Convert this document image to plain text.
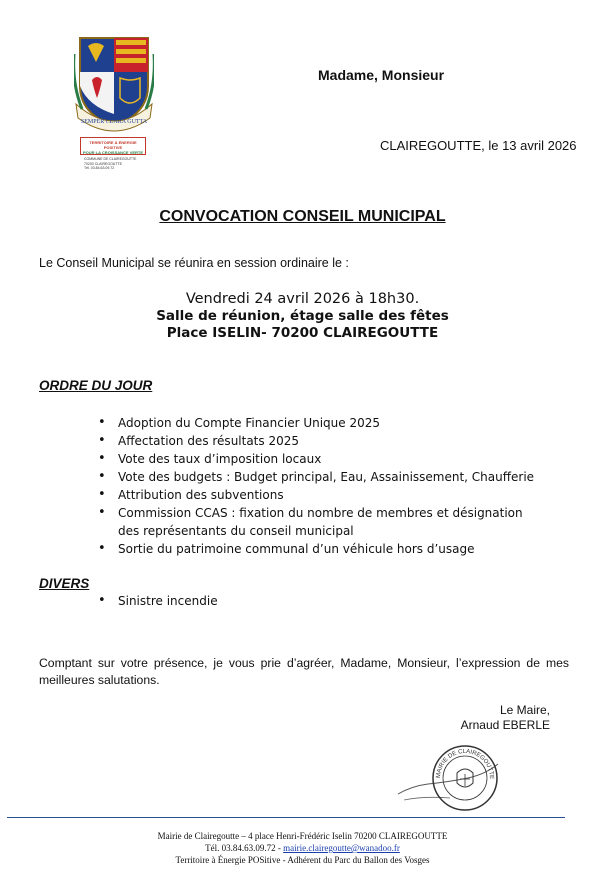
SEMPER CLARA GUTTA
TERRITOIRE À ÉNERGIE POSITIVE
POUR LA CROISSANCE VERTE
COMMUNE DE CLAIREGOUTTE
70200 CLAIREGOUTTE
Tél. 03.84.63.09.72
Madame, Monsieur
CLAIREGOUTTE, le 13 avril 2026
CONVOCATION CONSEIL MUNICIPAL
Le Conseil Municipal se réunira en session ordinaire le :
Vendredi 24 avril 2026 à 18h30.
Salle de réunion, étage salle des fêtes
Place ISELIN- 70200 CLAIREGOUTTE
ORDRE DU JOUR
• Adoption du Compte Financier Unique 2025
• Affectation des résultats 2025
• Vote des taux d’imposition locaux
• Vote des budgets : Budget principal, Eau, Assainissement, Chaufferie
• Attribution des subventions
• Commission CCAS : fixation du nombre de membres et désignation des représentants du conseil municipal
• Sortie du patrimoine communal d’un véhicule hors d’usage
DIVERS
• Sinistre incendie
Comptant sur votre présence, je vous prie d’agréer, Madame, Monsieur, l’expression de mes meilleures salutations.
Le Maire,
Arnaud EBERLE
MAIRIE DE CLAIREGOUTTE
Mairie de Clairegoutte – 4 place Henri-Frédéric Iselin 70200 CLAIREGOUTTE
Tél. 03.84.63.09.72 - mairie.clairegoutte@wanadoo.fr
Territoire à Énergie POSitive - Adhérent du Parc du Ballon des Vosges
